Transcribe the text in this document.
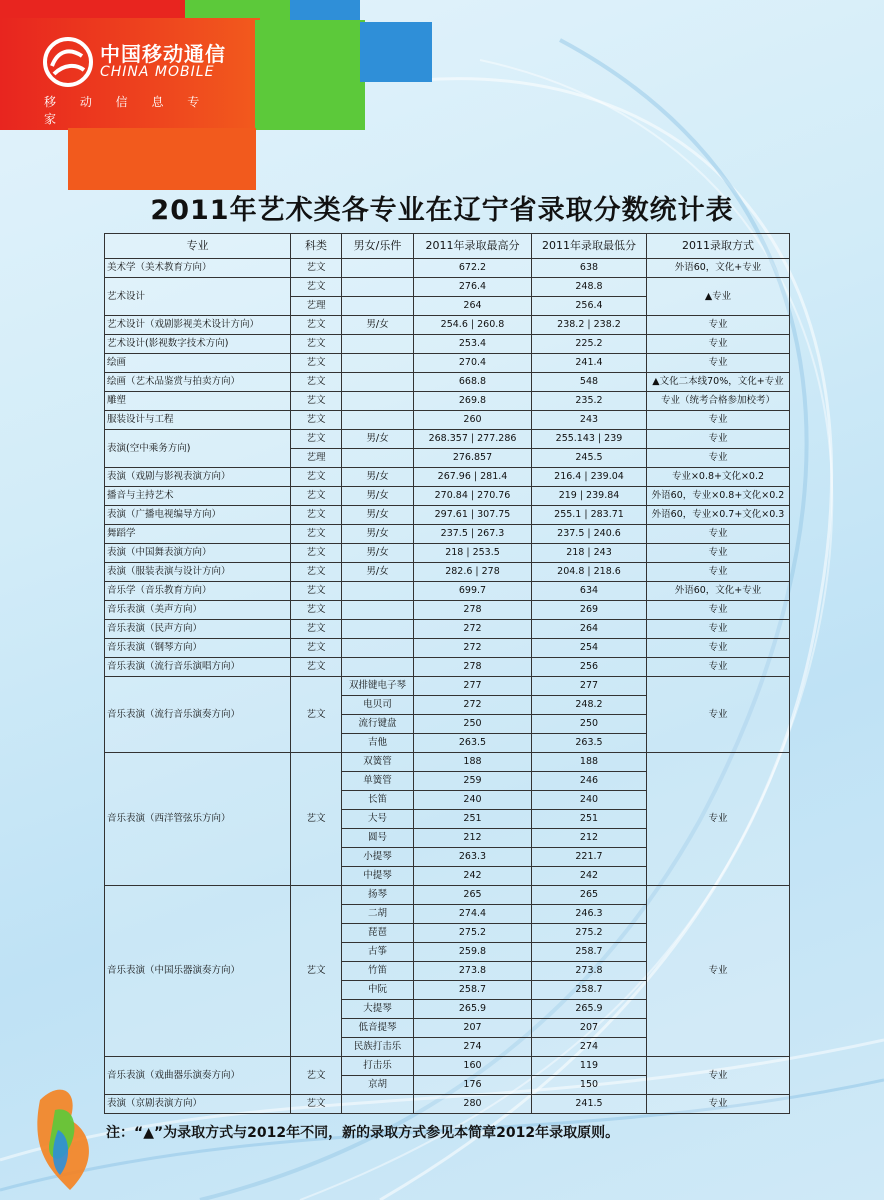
中国移动通信
CHINA MOBILE
移 动 信 息 专 家
2011年艺术类各专业在辽宁省录取分数统计表
专业	科类	男女/乐件	2011年录取最高分	2011年录取最低分	2011录取方式
美术学（美术教育方向）	艺文		672.2	638	外语60，文化+专业
艺术设计	艺文		276.4	248.8	▲专业
	艺理		264	256.4	
艺术设计（戏剧影视美术设计方向）	艺文	男/女	254.6 | 260.8	238.2 | 238.2	专业
艺术设计(影视数字技术方向)	艺文		253.4	225.2	专业
绘画	艺文		270.4	241.4	专业
绘画（艺术品鉴赏与拍卖方向）	艺文		668.8	548	▲文化二本线70%，文化+专业
雕塑	艺文		269.8	235.2	专业（统考合格参加校考）
服装设计与工程	艺文		260	243	专业
表演(空中乘务方向)	艺文	男/女	268.357 | 277.286	255.143 | 239	专业
	艺理		276.857	245.5	专业
表演（戏剧与影视表演方向）	艺文	男/女	267.96 | 281.4	216.4 | 239.04	专业×0.8+文化×0.2
播音与主持艺术	艺文	男/女	270.84 | 270.76	219 | 239.84	外语60，专业×0.8+文化×0.2
表演（广播电视编导方向）	艺文	男/女	297.61 | 307.75	255.1 | 283.71	外语60，专业×0.7+文化×0.3
舞蹈学	艺文	男/女	237.5 | 267.3	237.5 | 240.6	专业
表演（中国舞表演方向）	艺文	男/女	218 | 253.5	218 | 243	专业
表演（服装表演与设计方向）	艺文	男/女	282.6 | 278	204.8 | 218.6	专业
音乐学（音乐教育方向）	艺文		699.7	634	外语60，文化+专业
音乐表演（美声方向）	艺文		278	269	专业
音乐表演（民声方向）	艺文		272	264	专业
音乐表演（钢琴方向）	艺文		272	254	专业
音乐表演（流行音乐演唱方向）	艺文		278	256	专业
音乐表演（流行音乐演奏方向）	艺文	双排键电子琴	277	277	专业
		电贝司	272	248.2	
		流行键盘	250	250	
		吉他	263.5	263.5	
音乐表演（西洋管弦乐方向）	艺文	双簧管	188	188	专业
		单簧管	259	246	
		长笛	240	240	
		大号	251	251	
		圆号	212	212	
		小提琴	263.3	221.7	
		中提琴	242	242	
音乐表演（中国乐器演奏方向）	艺文	扬琴	265	265	专业
		二胡	274.4	246.3	
		琵琶	275.2	275.2	
		古筝	259.8	258.7	
		竹笛	273.8	273.8	
		中阮	258.7	258.7	
		大提琴	265.9	265.9	
		低音提琴	207	207	
		民族打击乐	274	274	
音乐表演（戏曲器乐演奏方向）	艺文	打击乐	160	119	专业
		京胡	176	150	
表演（京剧表演方向）	艺文		280	241.5	专业
注：“▲”为录取方式与2012年不同，新的录取方式参见本简章2012年录取原则。
